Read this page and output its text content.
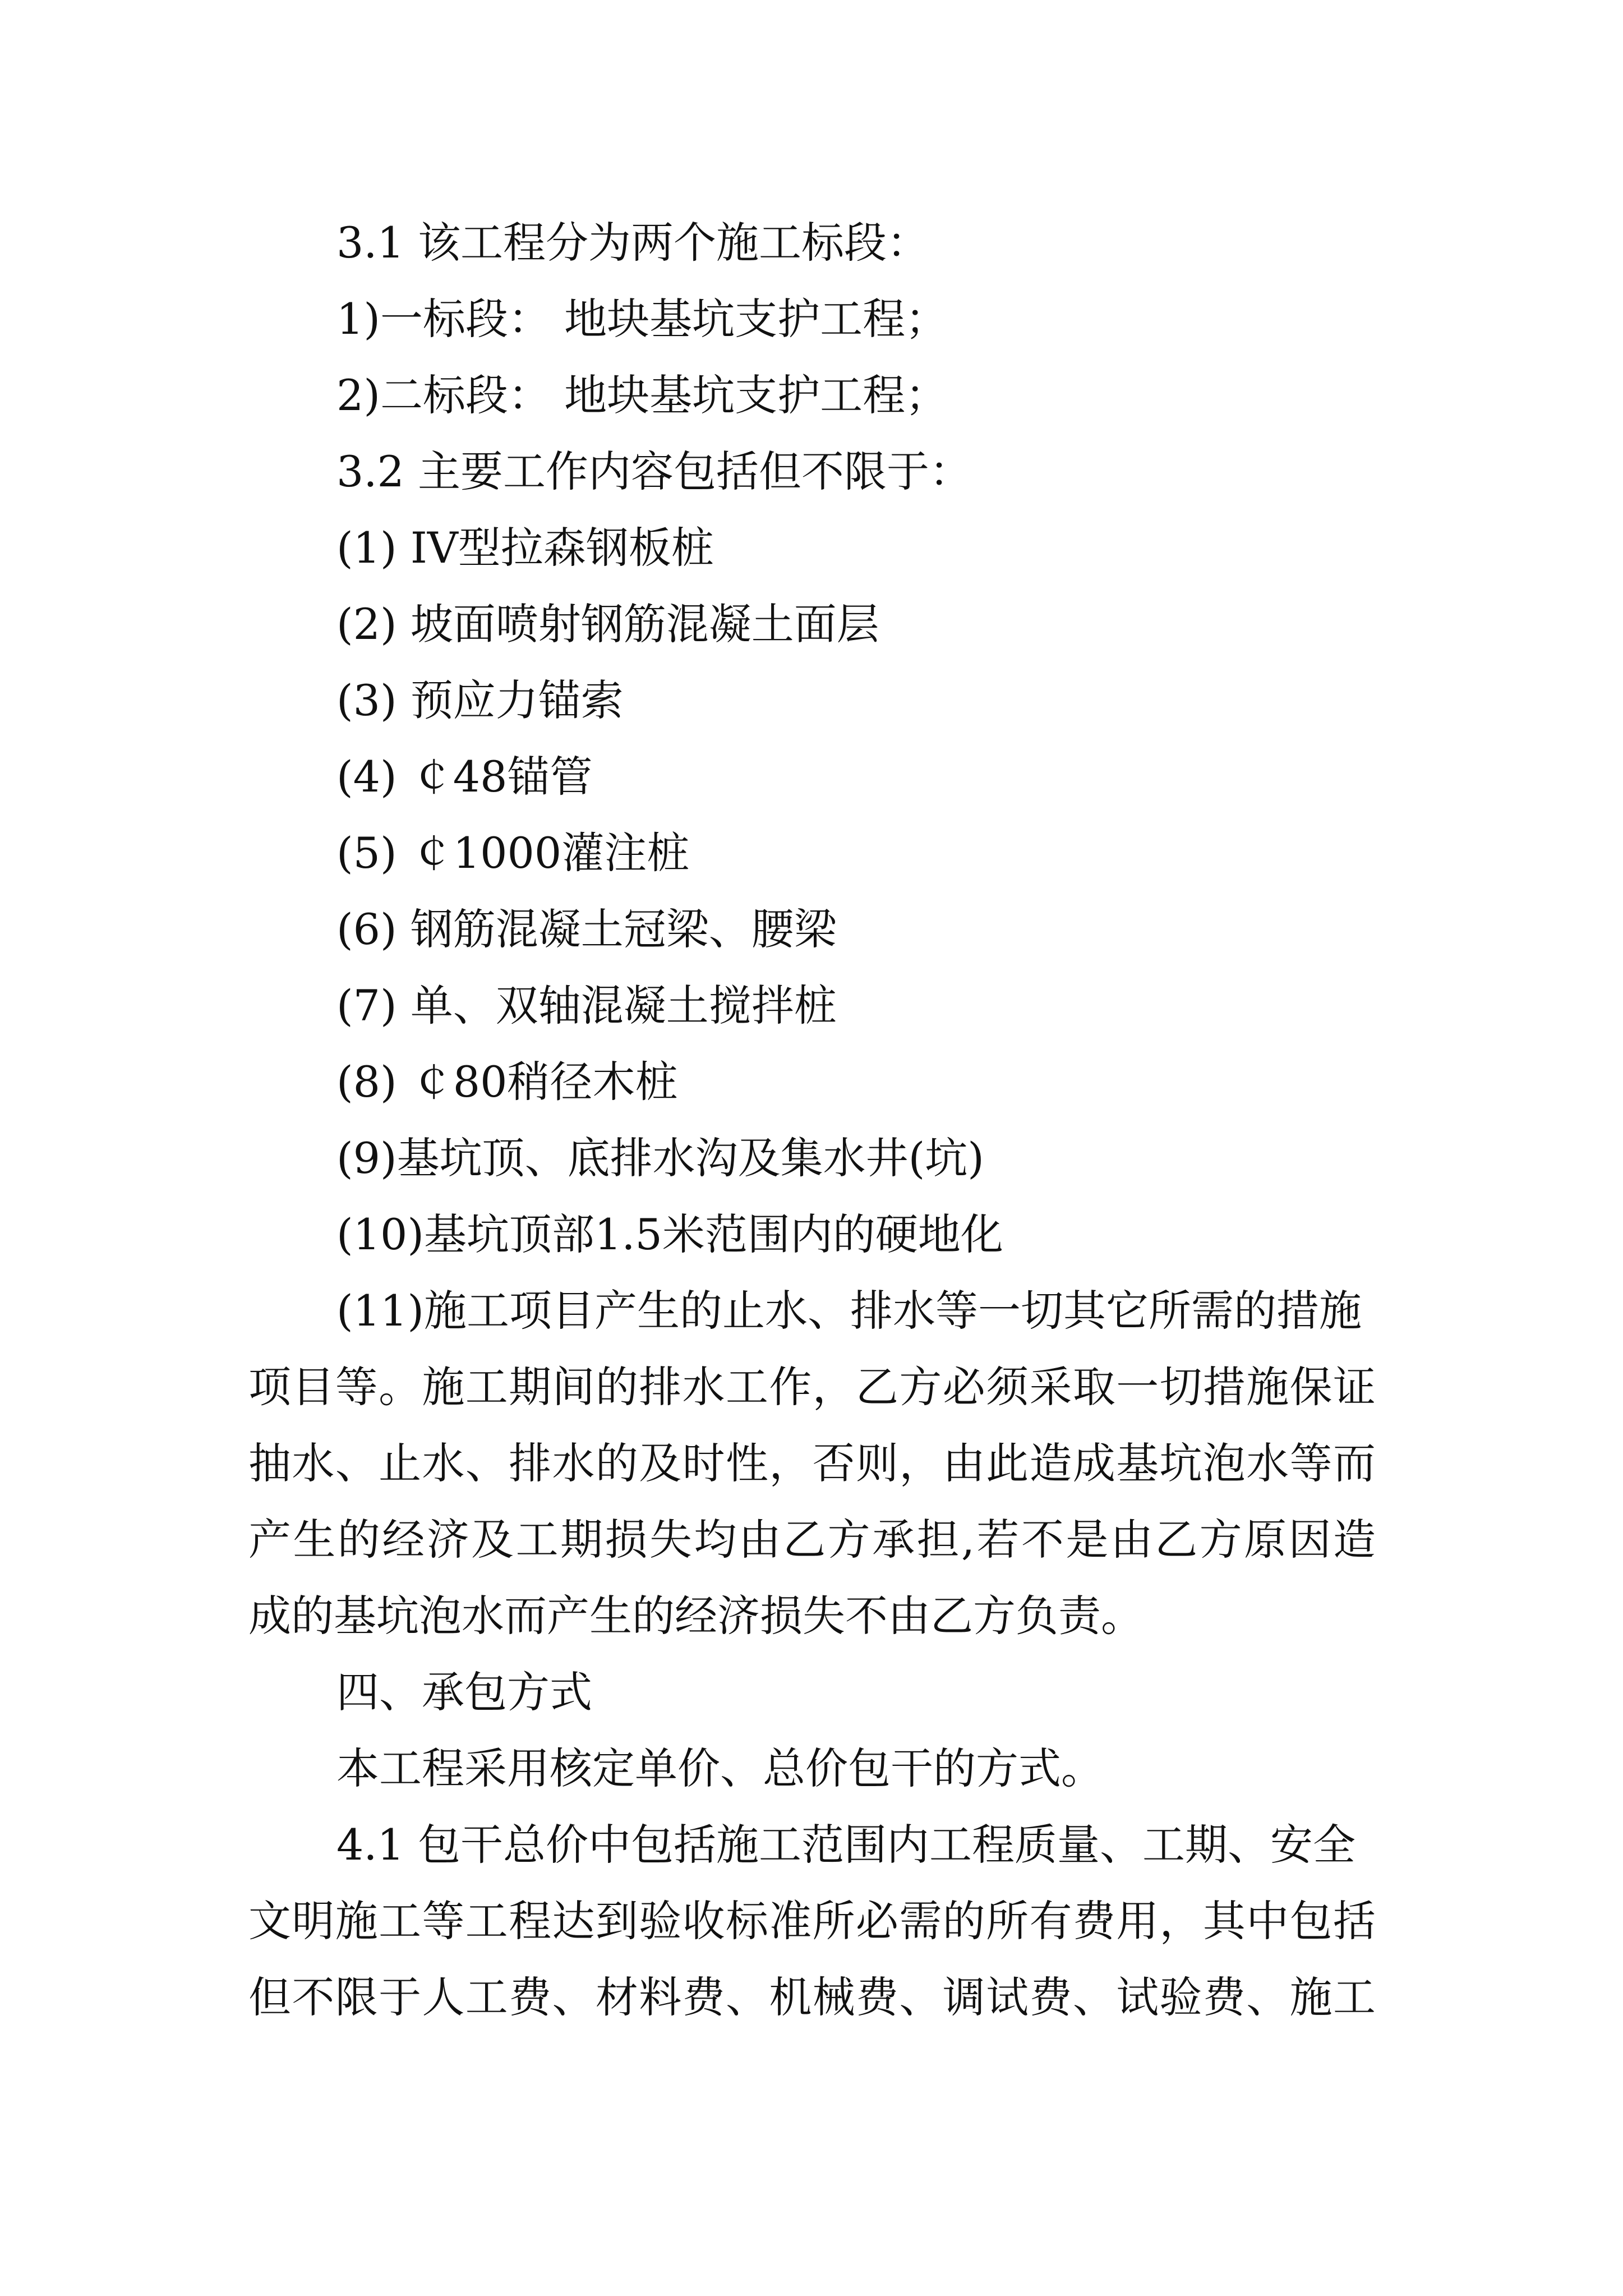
3.1 该工程分为两个施工标段：
1)一标段： 地块基坑支护工程；
2)二标段： 地块基坑支护工程；
3.2 主要工作内容包括但不限于：
(1) IV型拉森钢板桩
(2) 坡面喷射钢筋混凝土面层
(3) 预应力锚索
(4) ￠48锚管
(5) ￠1000灌注桩
(6) 钢筋混凝土冠梁、腰梁
(7) 单、双轴混凝土搅拌桩
(8) ￠80稍径木桩
(9)基坑顶、底排水沟及集水井(坑)
(10)基坑顶部1.5米范围内的硬地化
(11)施工项目产生的止水、排水等一切其它所需的措施
项目等。施工期间的排水工作，乙方必须采取一切措施保证
抽水、止水、排水的及时性，否则，由此造成基坑泡水等而
产生的经济及工期损失均由乙方承担,若不是由乙方原因造
成的基坑泡水而产生的经济损失不由乙方负责。
四、承包方式
本工程采用核定单价、总价包干的方式。
4.1 包干总价中包括施工范围内工程质量、工期、安全
文明施工等工程达到验收标准所必需的所有费用，其中包括
但不限于人工费、材料费、机械费、调试费、试验费、施工
